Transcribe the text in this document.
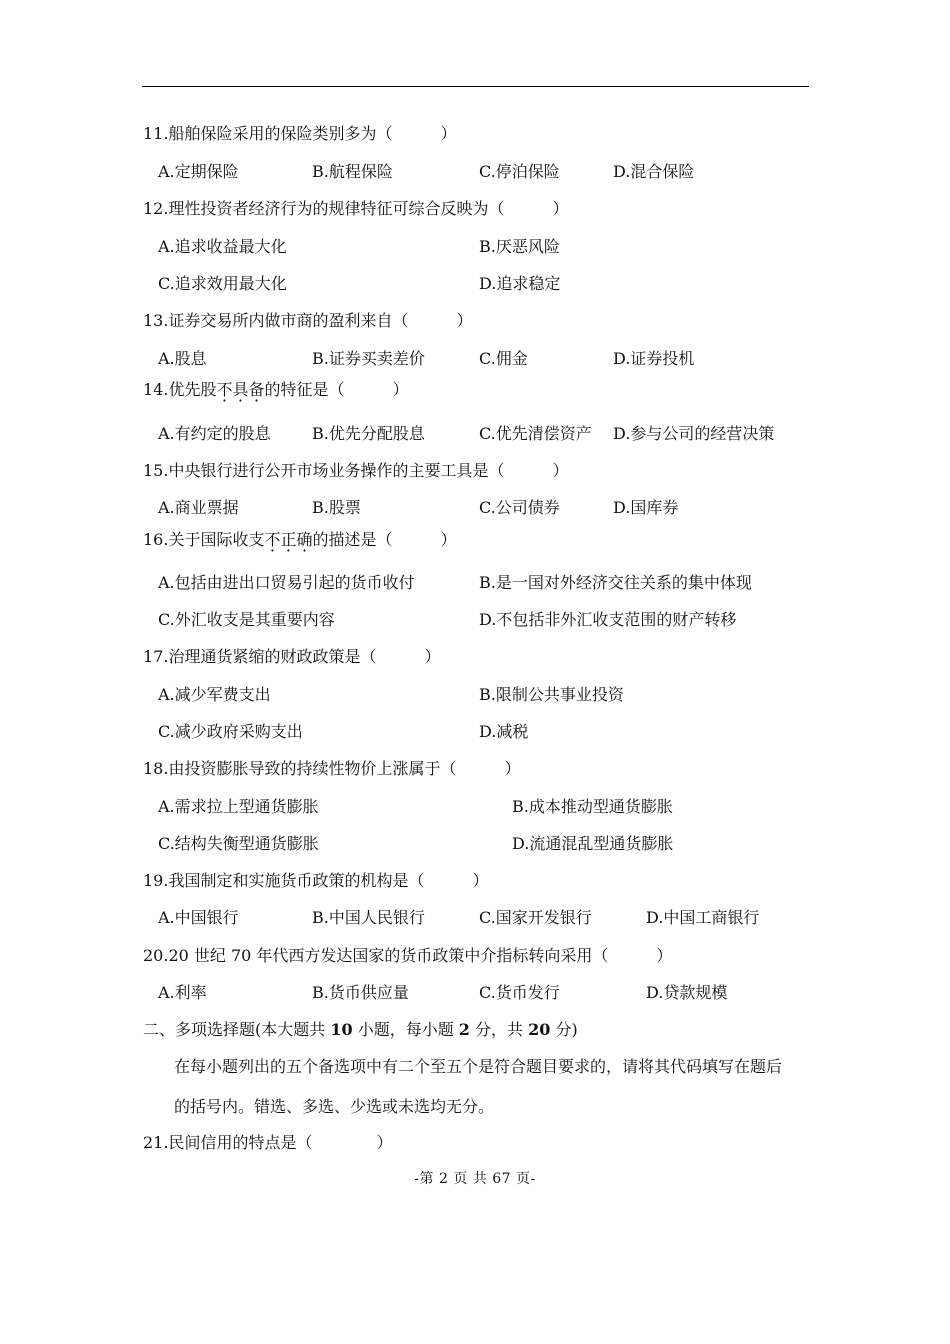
11.船舶保险采用的保险类别多为（　　　）
A.定期保险	B.航程保险	C.停泊保险	D.混合保险
12.理性投资者经济行为的规律特征可综合反映为（　　　）
A.追求收益最大化	B.厌恶风险
C.追求效用最大化	D.追求稳定
13.证券交易所内做市商的盈利来自（　　　）
A.股息	B.证券买卖差价	C.佣金	D.证券投机
14.优先股不具备的特征是（　　　）
A.有约定的股息	B.优先分配股息	C.优先清偿资产 D.参与公司的经营决策
15.中央银行进行公开市场业务操作的主要工具是（　　　）
A.商业票据	B.股票	C.公司债券	D.国库券
16.关于国际收支不正确的描述是（　　　）
A.包括由进出口贸易引起的货币收付	B.是一国对外经济交往关系的集中体现
C.外汇收支是其重要内容	D.不包括非外汇收支范围的财产转移
17.治理通货紧缩的财政政策是（　　　）
A.减少军费支出	B.限制公共事业投资
C.减少政府采购支出	D.减税
18.由投资膨胀导致的持续性物价上涨属于（　　　）
A.需求拉上型通货膨胀	B.成本推动型通货膨胀
C.结构失衡型通货膨胀	D.流通混乱型通货膨胀
19.我国制定和实施货币政策的机构是（　　　）
A.中国银行	B.中国人民银行	C.国家开发银行	D.中国工商银行
20.20 世纪 70 年代西方发达国家的货币政策中介指标转向采用（　　　）
A.利率	B.货币供应量	C.货币发行	D.贷款规模
二、多项选择题(本大题共 10 小题，每小题 2 分，共 20 分)
在每小题列出的五个备选项中有二个至五个是符合题目要求的，请将其代码填写在题后
的括号内。错选、多选、少选或未选均无分。
21.民间信用的特点是（　　　　）
-第 2 页 共 67 页-
